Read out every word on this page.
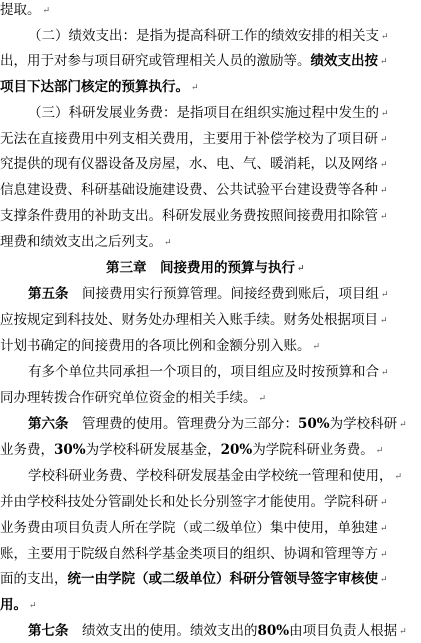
提取。 ↵
（二）绩效支出：是指为提高科研工作的绩效安排的相关支 ↵
出，用于对参与项目研究或管理相关人员的激励等。绩效支出按 ↵
项目下达部门核定的预算执行。 ↵
（三）科研发展业务费：是指项目在组织实施过程中发生的 ↵
无法在直接费用中列支相关费用，主要用于补偿学校为了项目研 ↵
究提供的现有仪器设备及房屋，水、电、气、暖消耗，以及网络 ↵
信息建设费、科研基础设施建设费、公共试验平台建设费等各种 ↵
支撑条件费用的补助支出。科研发展业务费按照间接费用扣除管 ↵
理费和绩效支出之后列支。 ↵
第三章　间接费用的预算与执行 ↵
第五条　间接费用实行预算管理。间接经费到账后，项目组 ↵
应按规定到科技处、财务处办理相关入账手续。财务处根据项目 ↵
计划书确定的间接费用的各项比例和金额分别入账。 ↵
有多个单位共同承担一个项目的，项目组应及时按预算和合 ↵
同办理转拨合作研究单位资金的相关手续。 ↵
第六条　管理费的使用。管理费分为三部分：50%为学校科研 ↵
业务费，30%为学校科研发展基金，20%为学院科研业务费。 ↵
学校科研业务费、学校科研发展基金由学校统一管理和使用， ↵
并由学校科技处分管副处长和处长分别签字才能使用。学院科研 ↵
业务费由项目负责人所在学院（或二级单位）集中使用，单独建 ↵
账，主要用于院级自然科学基金类项目的组织、协调和管理等方 ↵
面的支出，统一由学院（或二级单位）科研分管领导签字审核使 ↵
用。 ↵
第七条　绩效支出的使用。绩效支出的80%由项目负责人根据 ↵
